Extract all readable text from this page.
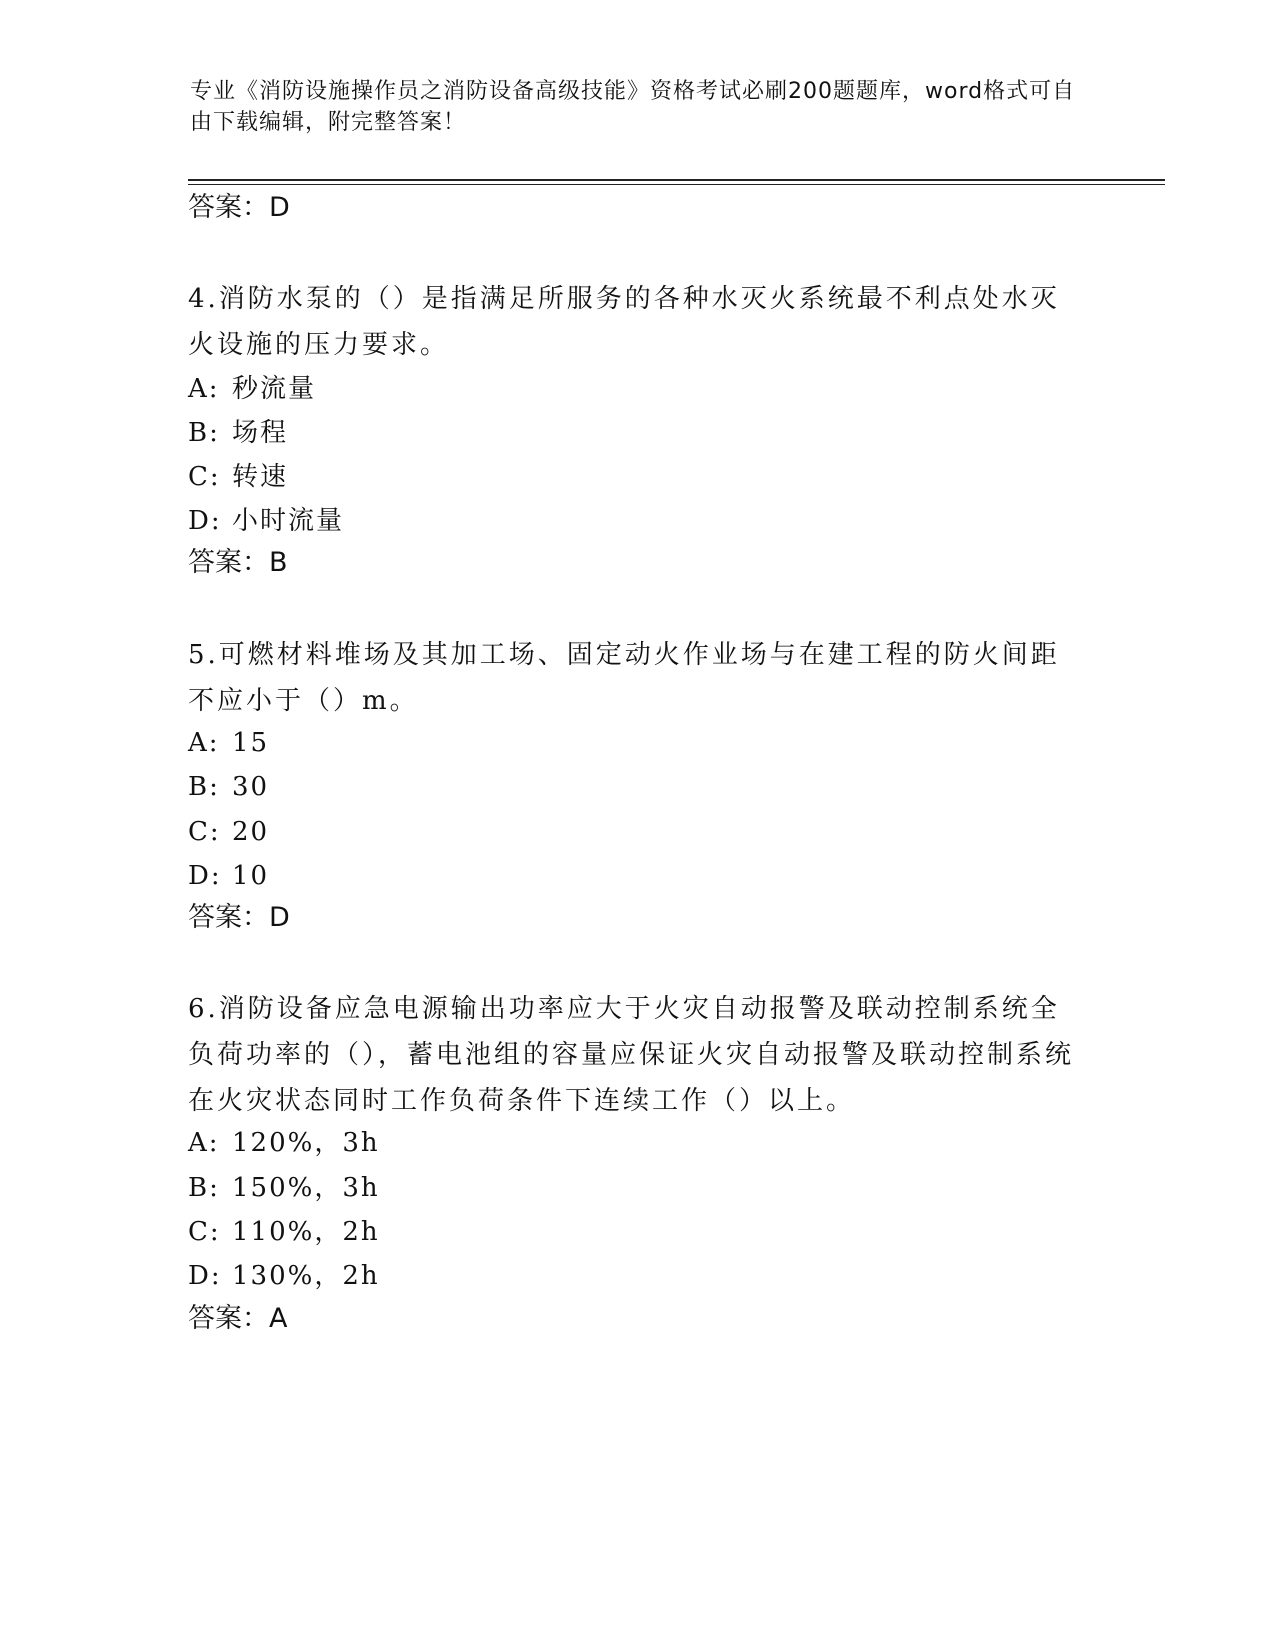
专业《消防设施操作员之消防设备高级技能》资格考试必刷200题题库，word格式可自由下载编辑，附完整答案！
答案：D
4.消防水泵的（）是指满足所服务的各种水灭火系统最不利点处水灭火设施的压力要求。
A: 秒流量
B: 场程
C: 转速
D: 小时流量
答案：B
5.可燃材料堆场及其加工场、固定动火作业场与在建工程的防火间距不应小于（）m。
A: 15
B: 30
C: 20
D: 10
答案：D
6.消防设备应急电源输出功率应大于火灾自动报警及联动控制系统全负荷功率的（），蓄电池组的容量应保证火灾自动报警及联动控制系统在火灾状态同时工作负荷条件下连续工作（）以上。
A: 120%，3h
B: 150%，3h
C: 110%，2h
D: 130%，2h
答案：A
